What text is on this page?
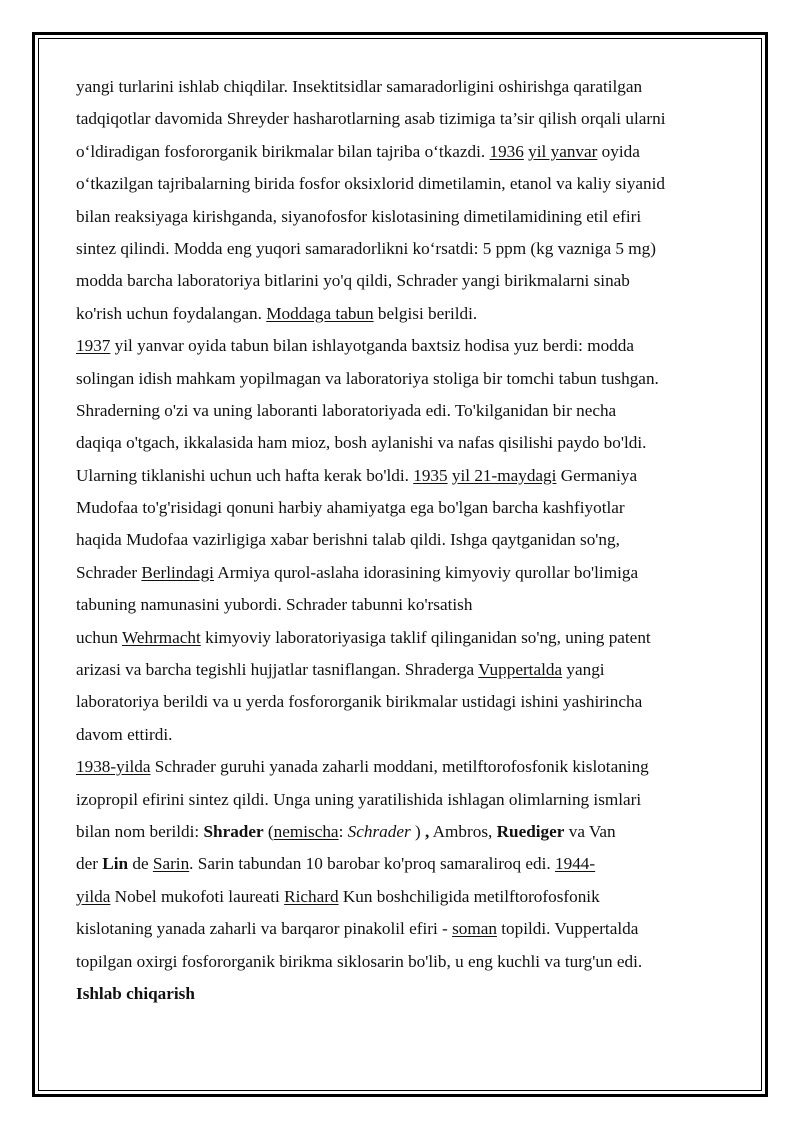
yangi turlarini ishlab chiqdilar. Insektitsidlar samaradorligini oshirishga qaratilgan
tadqiqotlar davomida Shreyder hasharotlarning asab tizimiga ta’sir qilish orqali ularni
o‘ldiradigan fosfororganik birikmalar bilan tajriba o‘tkazdi. 1936 yil yanvar oyida
o‘tkazilgan tajribalarning birida fosfor oksixlorid dimetilamin, etanol va kaliy siyanid
bilan reaksiyaga kirishganda, siyanofosfor kislotasining dimetilamidining etil efiri
sintez qilindi. Modda eng yuqori samaradorlikni ko‘rsatdi: 5 ppm (kg vazniga 5 mg)
modda barcha laboratoriya bitlarini yo'q qildi, Schrader yangi birikmalarni sinab
ko'rish uchun foydalangan. Moddaga tabun belgisi berildi.
1937 yil yanvar oyida tabun bilan ishlayotganda baxtsiz hodisa yuz berdi: modda
solingan idish mahkam yopilmagan va laboratoriya stoliga bir tomchi tabun tushgan.
Shraderning o'zi va uning laboranti laboratoriyada edi. To'kilganidan bir necha
daqiqa o'tgach, ikkalasida ham mioz, bosh aylanishi va nafas qisilishi paydo bo'ldi.
Ularning tiklanishi uchun uch hafta kerak bo'ldi. 1935 yil 21-maydagi Germaniya
Mudofaa to'g'risidagi qonuni harbiy ahamiyatga ega bo'lgan barcha kashfiyotlar
haqida Mudofaa vazirligiga xabar berishni talab qildi. Ishga qaytganidan so'ng,
Schrader Berlindagi Armiya qurol-aslaha idorasining kimyoviy qurollar bo'limiga
tabuning namunasini yubordi. Schrader tabunni ko'rsatish
uchun Wehrmacht kimyoviy laboratoriyasiga taklif qilinganidan so'ng, uning patent
arizasi va barcha tegishli hujjatlar tasniflangan. Shraderga Vuppertalda yangi
laboratoriya berildi va u yerda fosfororganik birikmalar ustidagi ishini yashirincha
davom ettirdi.
1938-yilda Schrader guruhi yanada zaharli moddani, metilftorofosfonik kislotaning
izopropil efirini sintez qildi. Unga uning yaratilishida ishlagan olimlarning ismlari
bilan nom berildi: Shrader (nemischa: Schrader ) , Ambros, Ruediger va Van
der Lin de Sarin. Sarin tabundan 10 barobar ko'proq samaraliroq edi. 1944-
yilda Nobel mukofoti laureati Richard Kun boshchiligida metilftorofosfonik
kislotaning yanada zaharli va barqaror pinakolil efiri - soman topildi. Vuppertalda
topilgan oxirgi fosfororganik birikma siklosarin bo'lib, u eng kuchli va turg'un edi.
Ishlab chiqarish
